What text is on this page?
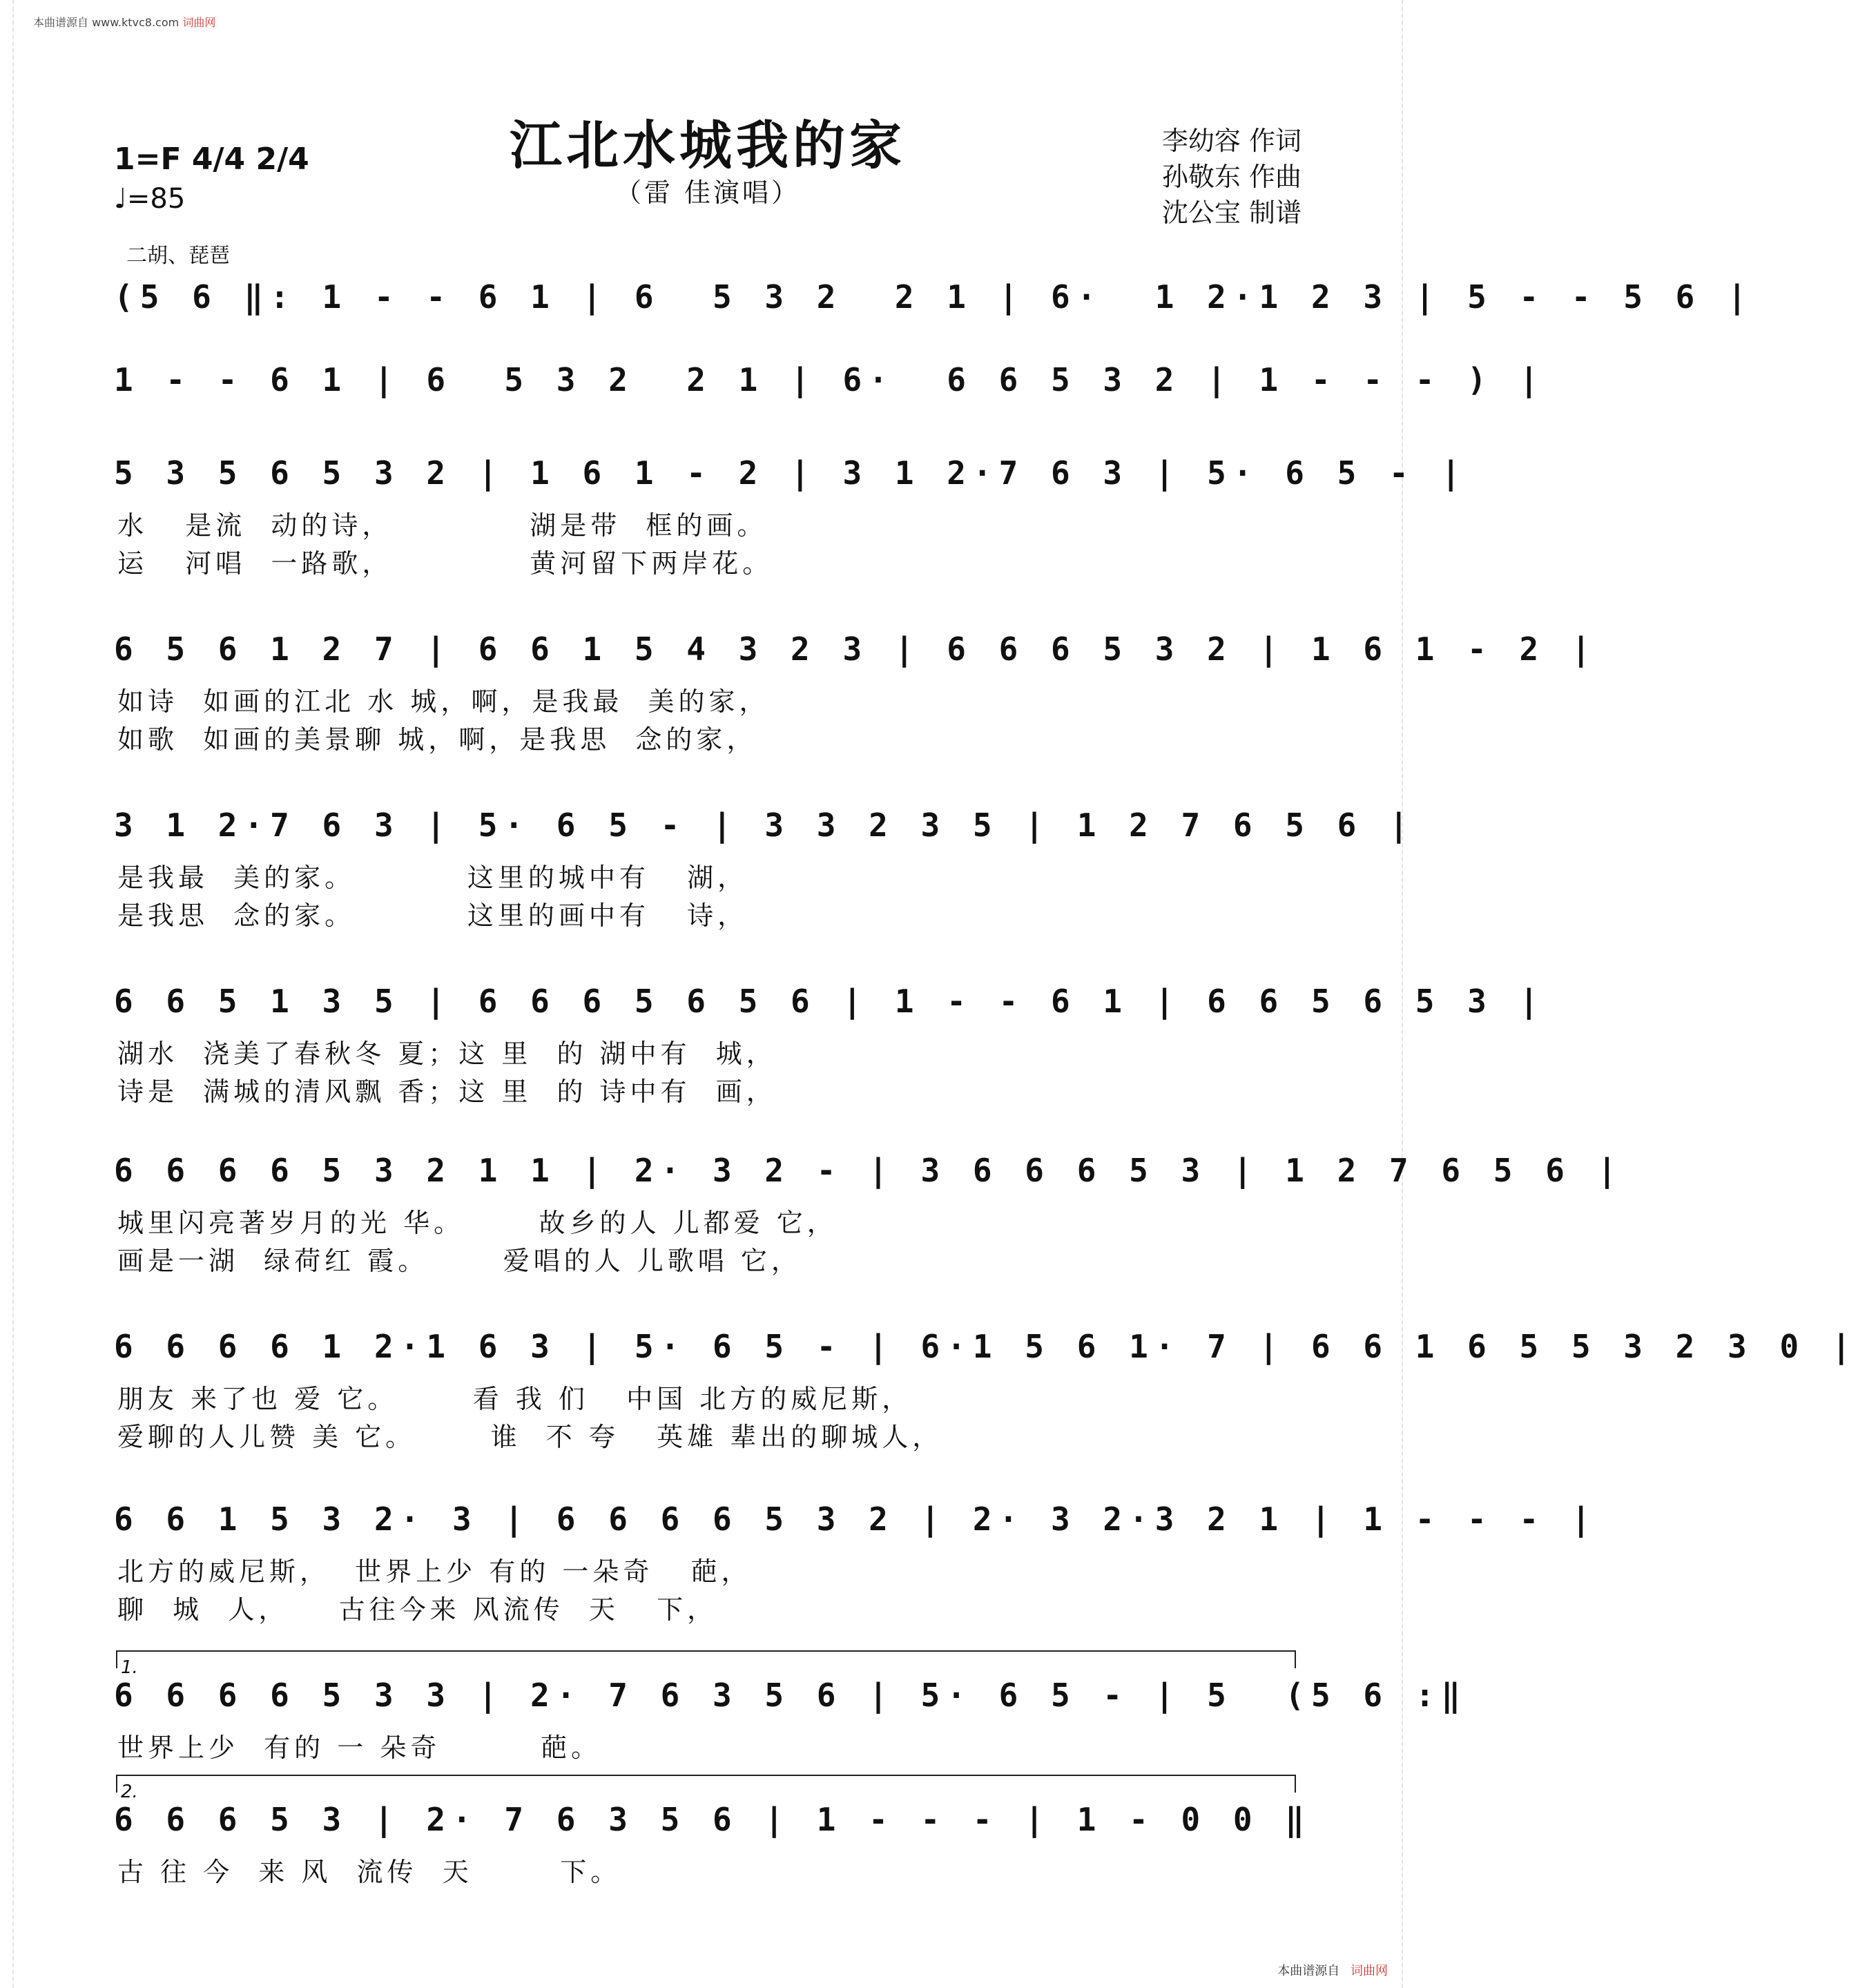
本曲谱源自 www.ktvc8.com 词曲网
江北水城我的家
（雷 佳演唱）
1=F 4/4 2/4
♩=85
李幼容 作词
孙敬东 作曲
沈公宝 制谱
二胡、琵琶
(5 6 ‖: 1 - - 6 1 | 6  5 3 2  2 1 | 6·  1 2·1 2 3 | 5 - - 5 6 |
1 - - 6 1 | 6  5 3 2  2 1 | 6·  6 6 5 3 2 | 1 - - - ) |
5 3 5 6 5 3 2 | 1 6 1 - 2 | 3 1 2·7 6 3 | 5· 6 5 - |
水   是流  动的诗，           湖是带  框的画。
运   河唱  一路歌，           黄河留下两岸花。
6 5 6 1 2 7 | 6 6 1 5 4 3 2 3 | 6 6 6 5 3 2 | 1 6 1 - 2 |
如诗  如画的江北 水 城，啊，是我最  美的家，
如歌  如画的美景聊 城，啊，是我思  念的家，
3 1 2·7 6 3 | 5· 6 5 - | 3 3 2 3 5 | 1 2 7 6 5 6 |
是我最  美的家。         这里的城中有   湖，
是我思  念的家。         这里的画中有   诗，
6 6 5 1 3 5 | 6 6 6 5 6 5 6 | 1 - - 6 1 | 6 6 5 6 5 3 |
湖水  浇美了春秋冬 夏；这 里  的 湖中有  城，
诗是  满城的清风飘 香；这 里  的 诗中有  画，
6 6 6 6 5 3 2 1 1 | 2· 3 2 - | 3 6 6 6 5 3 | 1 2 7 6 5 6 |
城里闪亮著岁月的光 华。      故乡的人 儿都爱 它，
画是一湖  绿荷红 霞。      爱唱的人 儿歌唱 它，
6 6 6 6 1 2·1 6 3 | 5· 6 5 - | 6·1 5 6 1· 7 | 6 6 1 6 5 5 3 2 3 0 |
朋友 来了也 爱 它。      看 我 们   中国 北方的威尼斯，
爱聊的人儿赞 美 它。      谁  不 夸   英雄 辈出的聊城人，
6 6 1 5 3 2· 3 | 6 6 6 6 5 3 2 | 2· 3 2·3 2 1 | 1 - - - |
北方的威尼斯，  世界上少 有的 一朵奇   葩，
聊  城  人，    古往今来 风流传  天   下，
1.
6 6 6 6 5 3 3 | 2· 7 6 3 5 6 | 5· 6 5 - | 5  (5 6 :‖
世界上少  有的 一 朵奇        葩。
2.
6 6 6 5 3 | 2· 7 6 3 5 6 | 1 - - - | 1 - 0 0 ‖
古 往 今  来 风  流传  天       下。
本曲谱源自 词曲网
